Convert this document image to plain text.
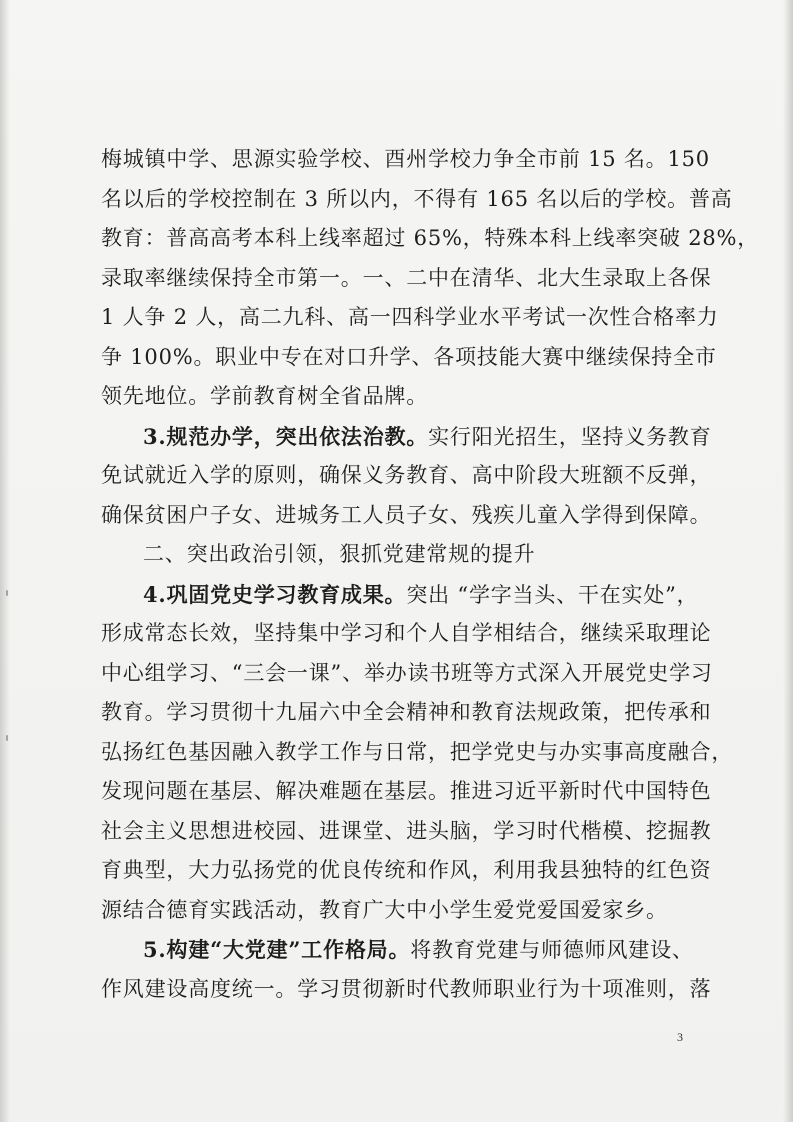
梅城镇中学、思源实验学校、酉州学校力争全市前 15 名。150
名以后的学校控制在 3 所以内，不得有 165 名以后的学校。普高
教育：普高高考本科上线率超过 65%，特殊本科上线率突破 28%，
录取率继续保持全市第一。一、二中在清华、北大生录取上各保
1 人争 2 人，高二九科、高一四科学业水平考试一次性合格率力
争 100%。职业中专在对口升学、各项技能大赛中继续保持全市
领先地位。学前教育树全省品牌。
3.规范办学，突出依法治教。实行阳光招生，坚持义务教育
免试就近入学的原则，确保义务教育、高中阶段大班额不反弹，
确保贫困户子女、进城务工人员子女、残疾儿童入学得到保障。
二、突出政治引领，狠抓党建常规的提升
4.巩固党史学习教育成果。突出 “学字当头、干在实处”，
形成常态长效，坚持集中学习和个人自学相结合，继续采取理论
中心组学习、“三会一课”、举办读书班等方式深入开展党史学习
教育。学习贯彻十九届六中全会精神和教育法规政策，把传承和
弘扬红色基因融入教学工作与日常，把学党史与办实事高度融合，
发现问题在基层、解决难题在基层。推进习近平新时代中国特色
社会主义思想进校园、进课堂、进头脑，学习时代楷模、挖掘教
育典型，大力弘扬党的优良传统和作风，利用我县独特的红色资
源结合德育实践活动，教育广大中小学生爱党爱国爱家乡。
5.构建“大党建”工作格局。将教育党建与师德师风建设、
作风建设高度统一。学习贯彻新时代教师职业行为十项准则，落
3
